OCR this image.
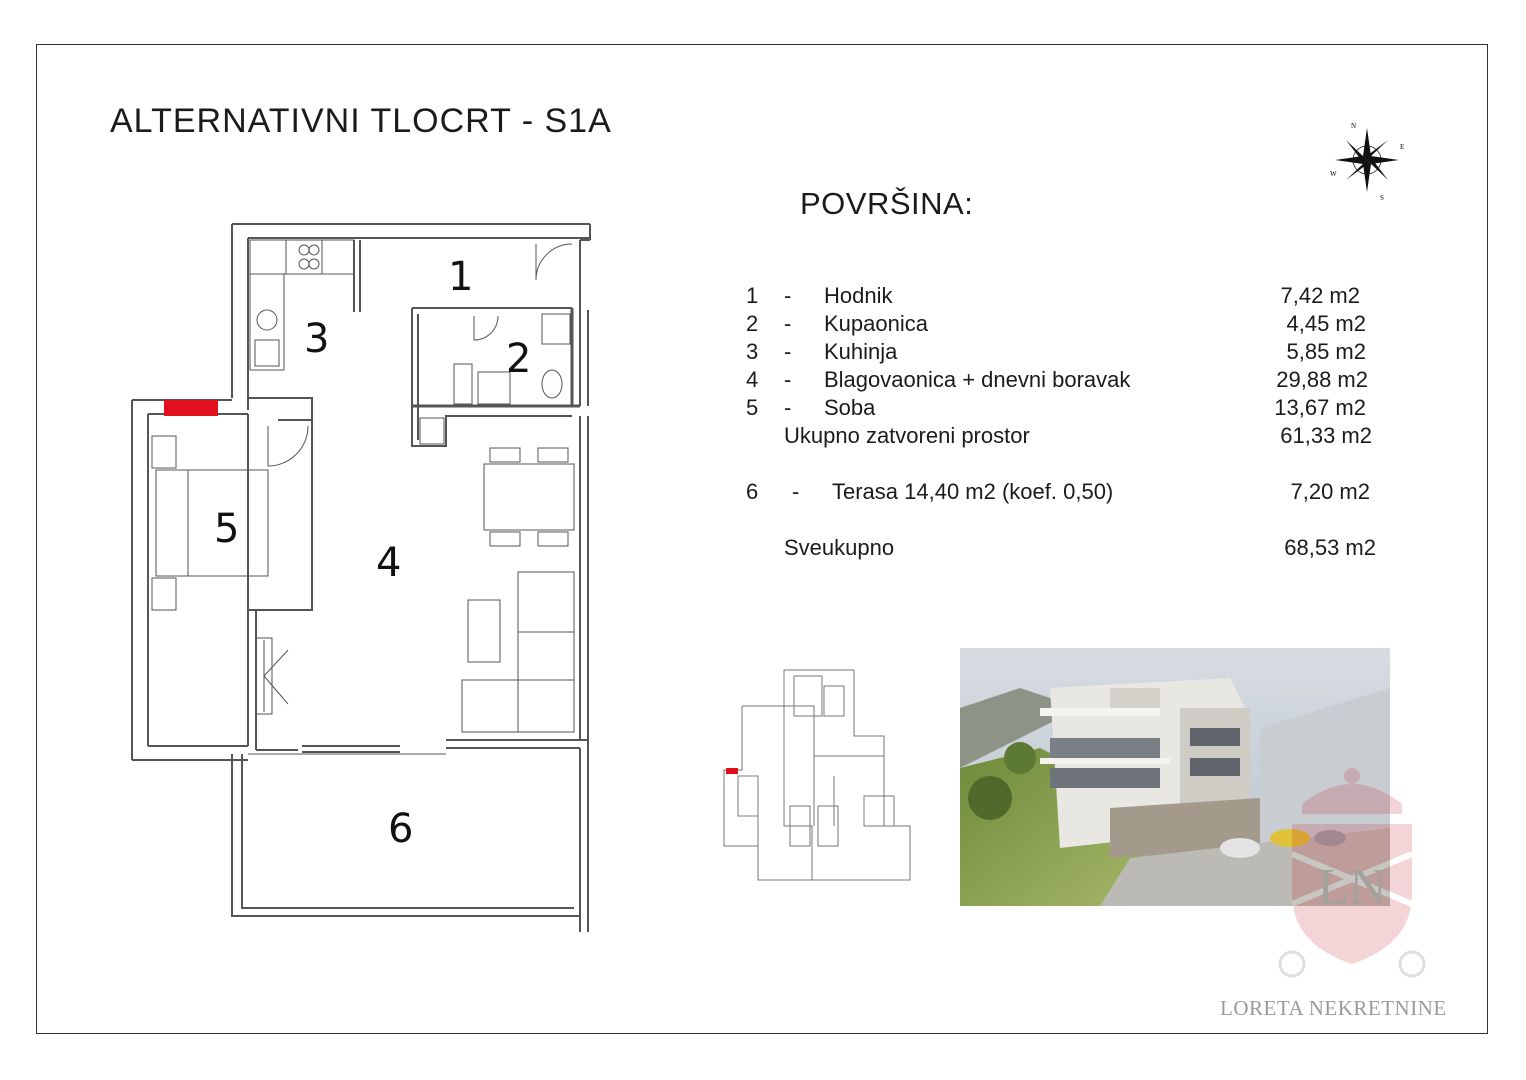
ALTERNATIVNI TLOCRT - S1A	N
E
S
W
POVRŠINA:
1 - Hodnik	7,42 m2
2 - Kupaonica	4,45 m2
3 - Kuhinja	5,85 m2
4 - Blagovaonica + dnevni boravak	29,88 m2
5 - Soba	13,67 m2
Ukupno zatvoreni prostor	61,33 m2
6 - Terasa 14,40 m2 (koef. 0,50)	7,20 m2
Sveukupno	68,53 m2
1
2
3
4
5
6
LN
LORETA NEKRETNINE
